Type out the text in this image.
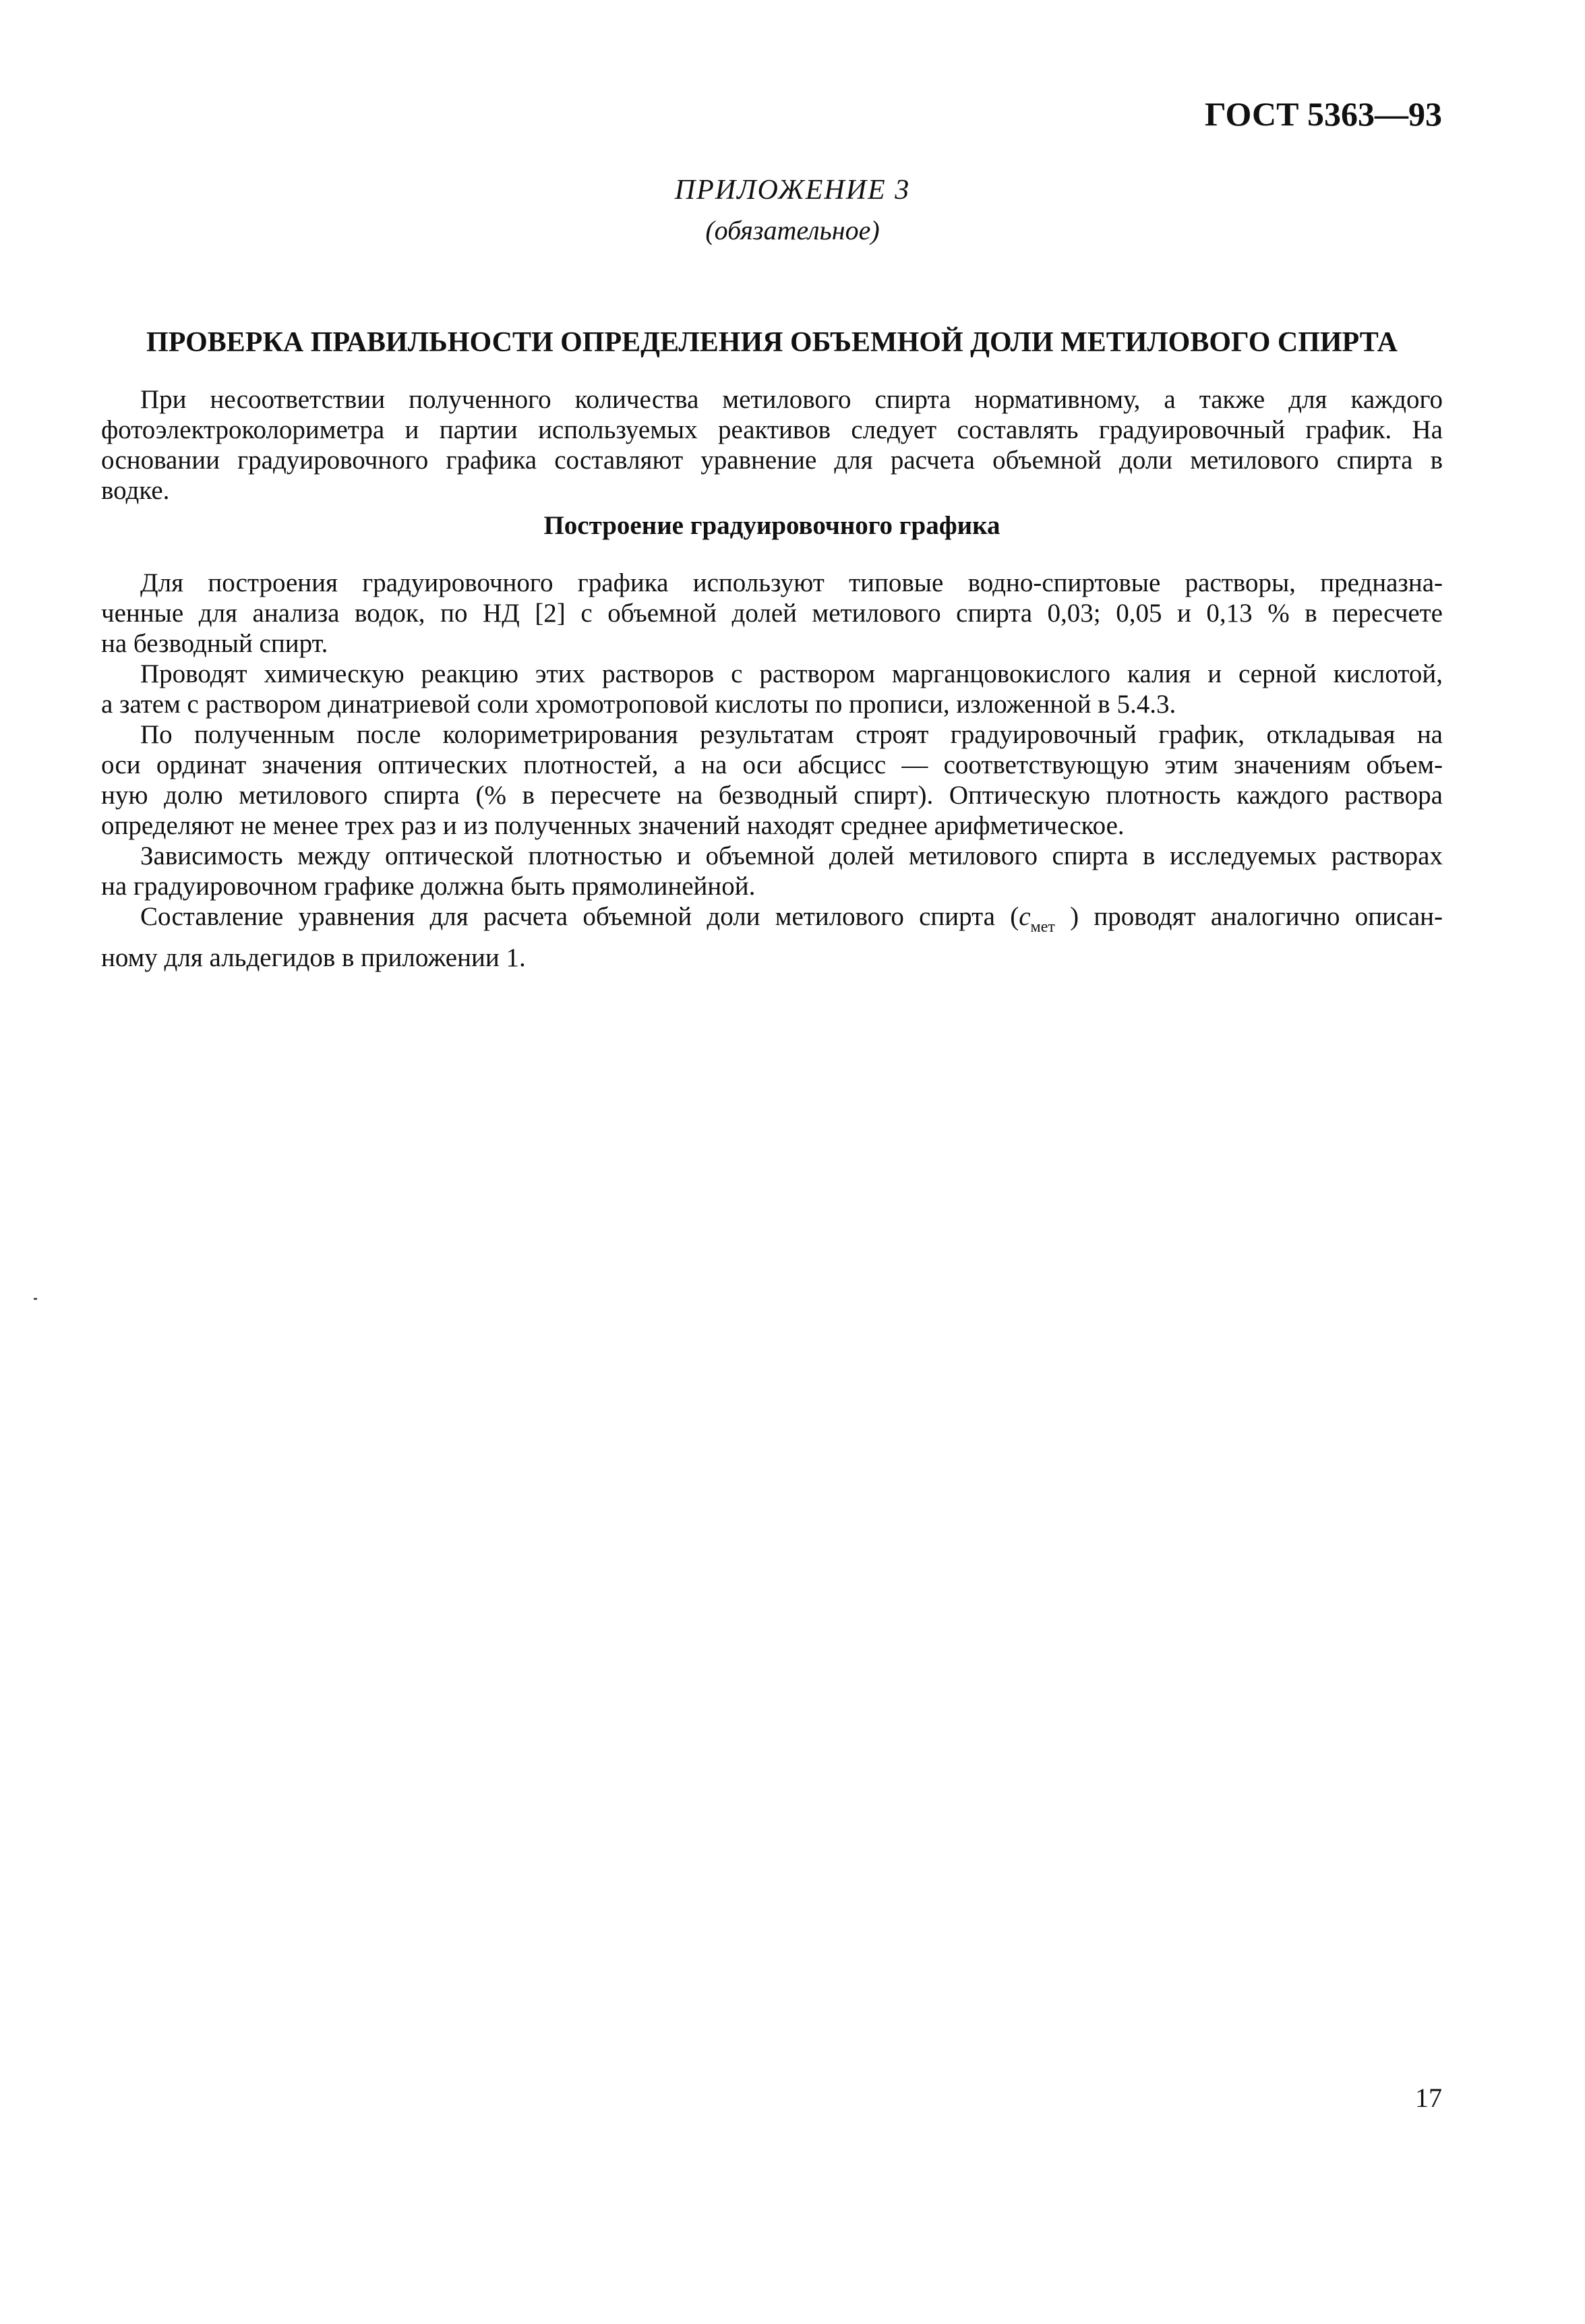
ГОСТ 5363—93
ПРИЛОЖЕНИЕ 3
(обязательное)
ПРОВЕРКА ПРАВИЛЬНОСТИ ОПРЕДЕЛЕНИЯ ОБЪЕМНОЙ ДОЛИ МЕТИЛОВОГО СПИРТА

При несоответствии полученного количества метилового спирта нормативному, а также для каждого
фотоэлектроколориметра и партии используемых реактивов следует составлять градуировочный график. На
основании градуировочного графика составляют уравнение для расчета объемной доли метилового спирта в
водке.

Построение градуировочного графика

Для построения градуировочного графика используют типовые водно-спиртовые растворы, предназна-
ченные для анализа водок, по НД [2] с объемной долей метилового спирта 0,03; 0,05 и 0,13 % в пересчете
на безводный спирт.

Проводят химическую реакцию этих растворов с раствором марганцовокислого калия и серной кислотой,
а затем с раствором динатриевой соли хромотроповой кислоты по прописи, изложенной в 5.4.3.

По полученным после колориметрирования результатам строят градуировочный график, откладывая на
оси ординат значения оптических плотностей, а на оси абсцисс — соответствующую этим значениям объем-
ную долю метилового спирта (% в пересчете на безводный спирт). Оптическую плотность каждого раствора
определяют не менее трех раз и из полученных значений находят среднее арифметическое.

Зависимость между оптической плотностью и объемной долей метилового спирта в исследуемых растворах
на градуировочном графике должна быть прямолинейной.

Составление уравнения для расчета объемной доли метилового спирта ($c_{мет}$ ) проводят аналогично описан-
ному для альдегидов в приложении 1.

17
